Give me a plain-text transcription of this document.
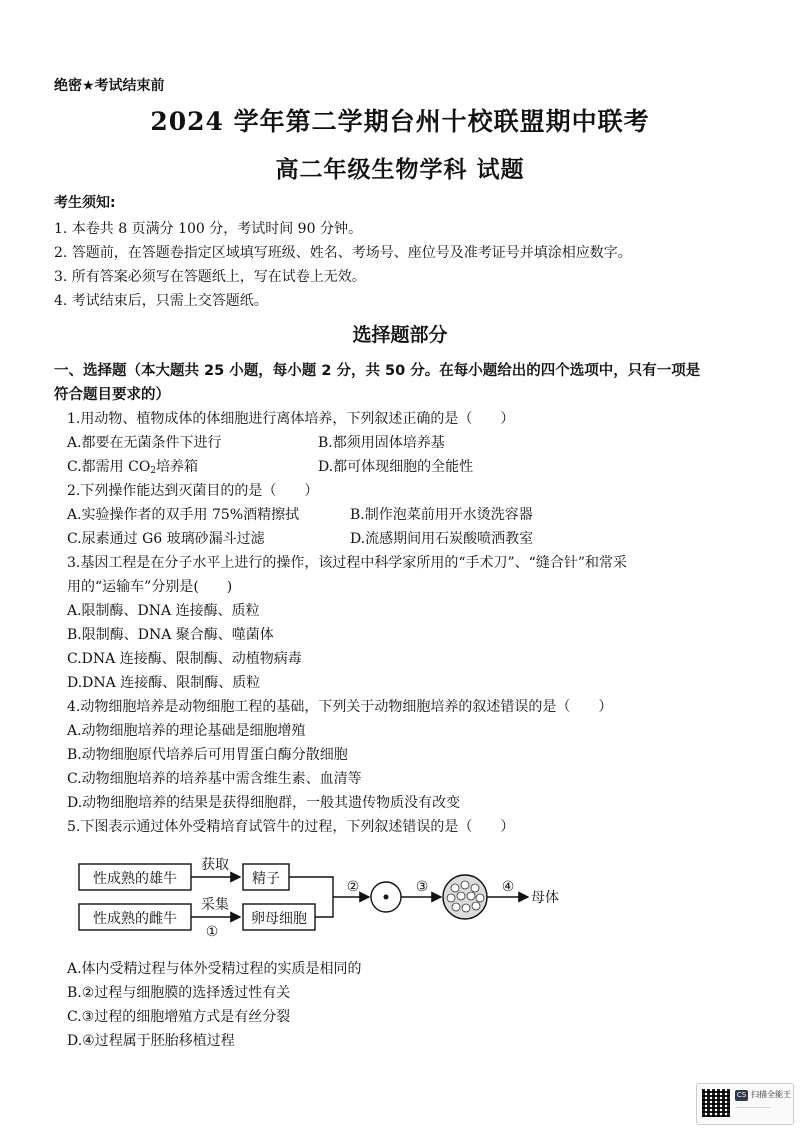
绝密★考试结束前
2024 学年第二学期台州十校联盟期中联考
高二年级生物学科 试题
考生须知:
1. 本卷共 8 页满分 100 分，考试时间 90 分钟。
2. 答题前，在答题卷指定区域填写班级、姓名、考场号、座位号及准考证号并填涂相应数字。
3. 所有答案必须写在答题纸上，写在试卷上无效。
4. 考试结束后，只需上交答题纸。
选择题部分
一、选择题（本大题共 25 小题，每小题 2 分，共 50 分。在每小题给出的四个选项中，只有一项是
符合题目要求的）
1.用动物、植物成体的体细胞进行离体培养，下列叙述正确的是（　　）
A.都要在无菌条件下进行	B.都须用固体培养基
C.都需用 $CO_2$培养箱	D.都可体现细胞的全能性
2.下列操作能达到灭菌目的的是（　　）
A.实验操作者的双手用 75%酒精擦拭	B.制作泡菜前用开水烫洗容器
C.尿素通过 G6 玻璃砂漏斗过滤	D.流感期间用石炭酸喷洒教室
3.基因工程是在分子水平上进行的操作，该过程中科学家所用的“手术刀”、“缝合针”和常采
用的“运输车”分别是(　　)
A.限制酶、DNA 连接酶、质粒
B.限制酶、DNA 聚合酶、噬菌体
C.DNA 连接酶、限制酶、动植物病毒
D.DNA 连接酶、限制酶、质粒
4.动物细胞培养是动物细胞工程的基础，下列关于动物细胞培养的叙述错误的是（　　）
A.动物细胞培养的理论基础是细胞增殖
B.动物细胞原代培养后可用胃蛋白酶分散细胞
C.动物细胞培养的培养基中需含维生素、血清等
D.动物细胞培养的结果是获得细胞群，一般其遗传物质没有改变
5.下图表示通过体外受精培育试管牛的过程，下列叙述错误的是（　　）
性成熟的雄牛
性成熟的雌牛
获取
采集
①
精子
卵母细胞
②	③	④
母体
A.体内受精过程与体外受精过程的实质是相同的
B.②过程与细胞膜的选择透过性有关
C.③过程的细胞增殖方式是有丝分裂
D.④过程属于胚胎移植过程
CS 扫描全能王
———————
